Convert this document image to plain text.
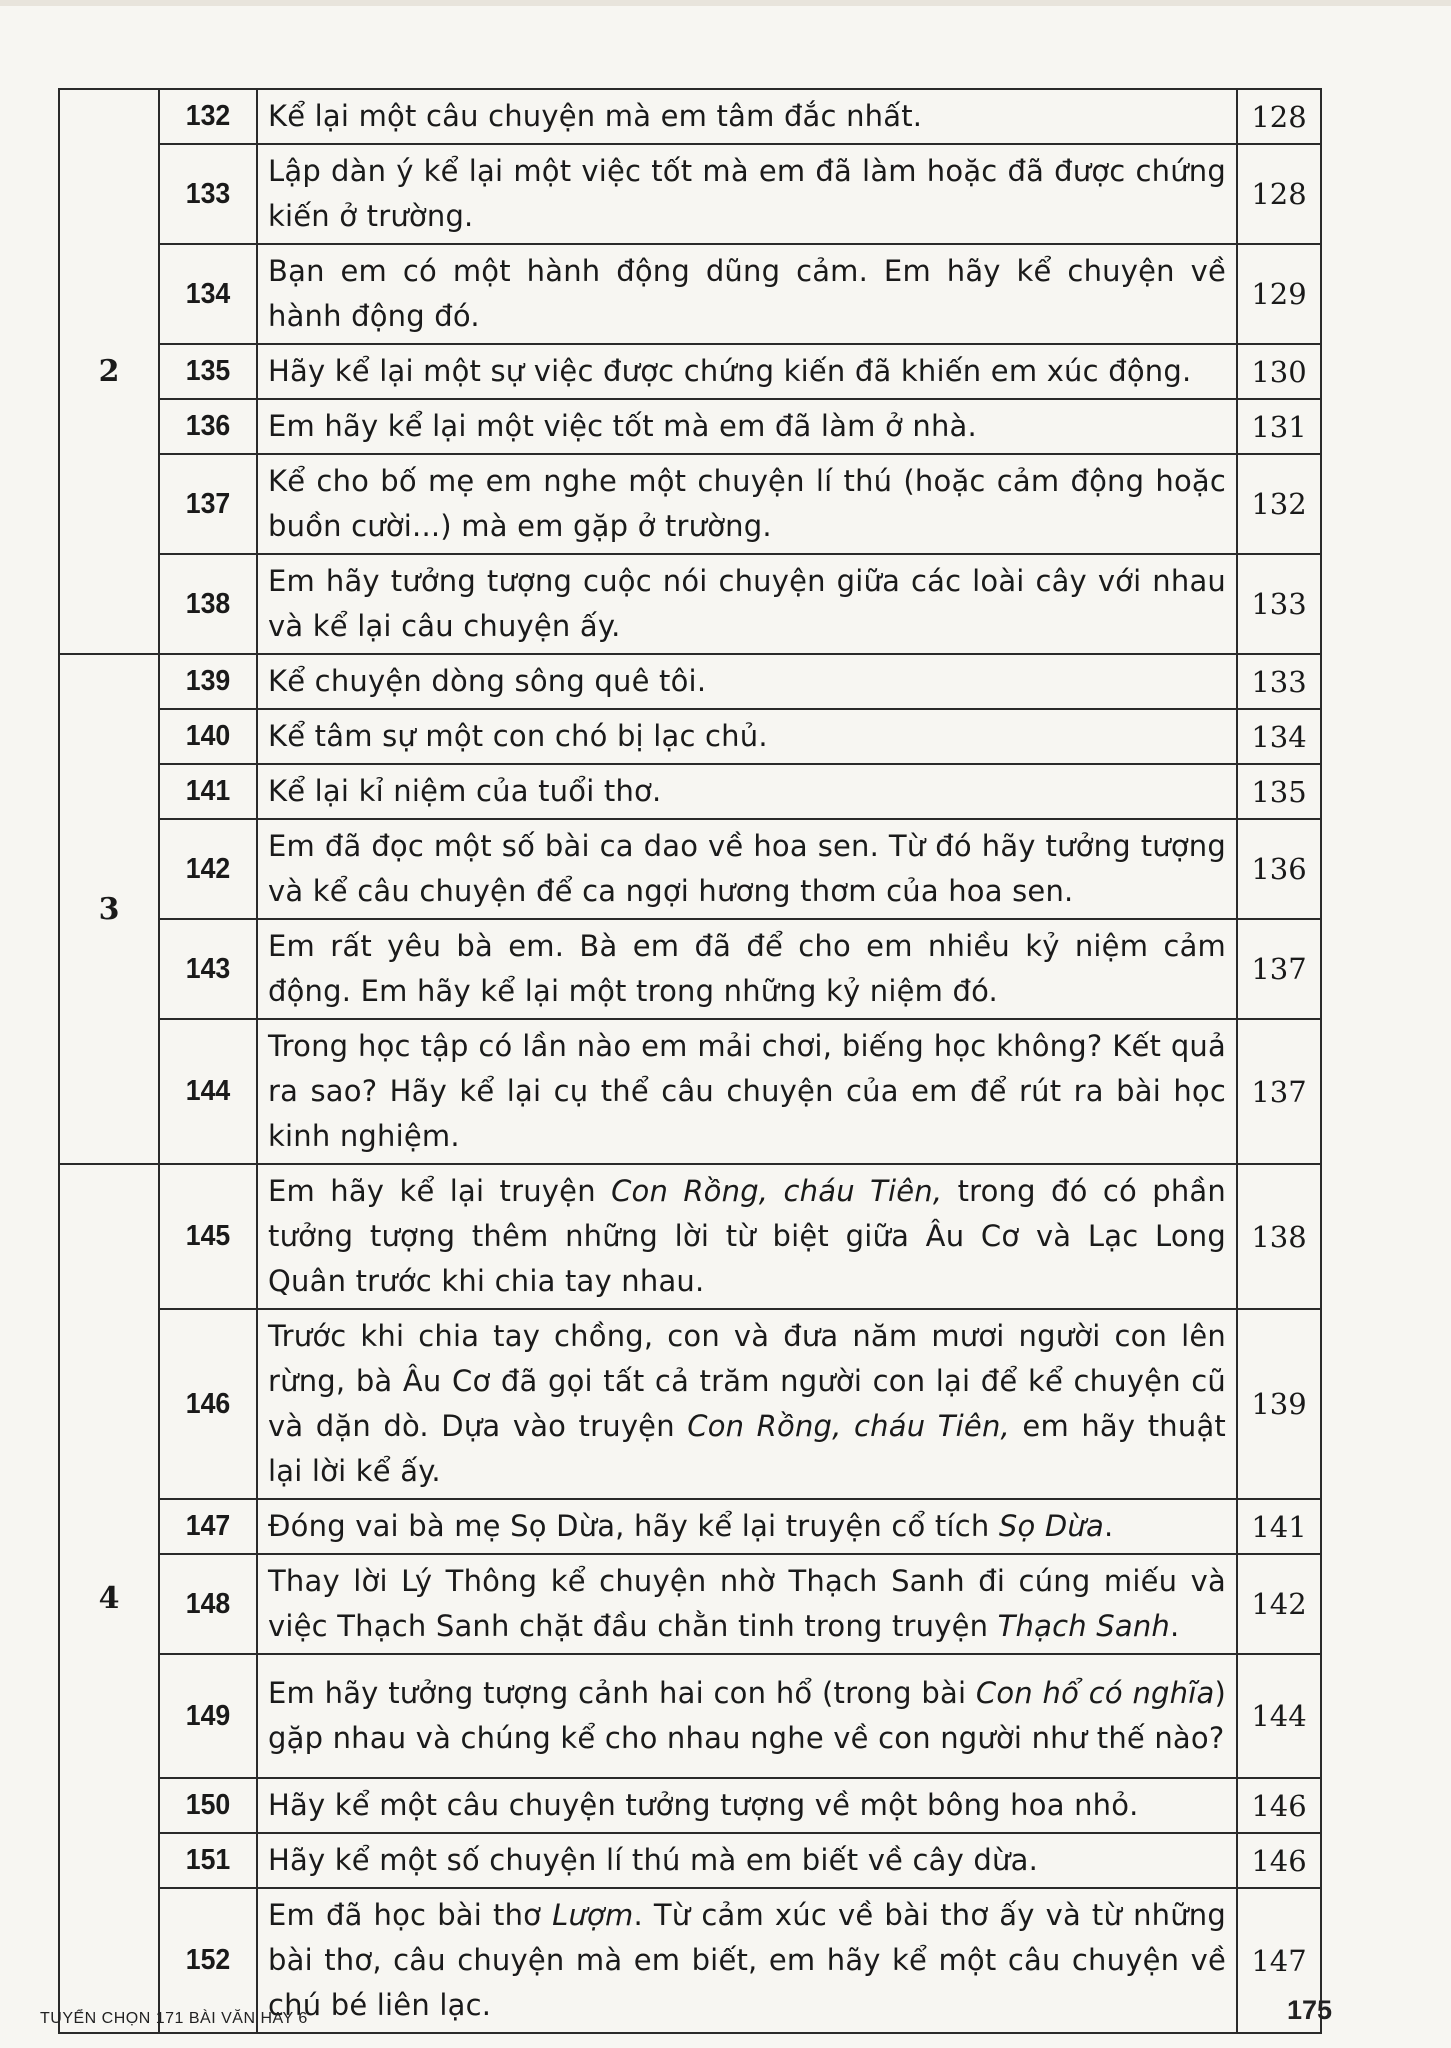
2	132	Kể lại một câu chuyện mà em tâm đắc nhất.	128
	133	Lập dàn ý kể lại một việc tốt mà em đã làm hoặc đã được chứng kiến ở trường.	128
	134	Bạn em có một hành động dũng cảm. Em hãy kể chuyện về hành động đó.	129
	135	Hãy kể lại một sự việc được chứng kiến đã khiến em xúc động.	130
	136	Em hãy kể lại một việc tốt mà em đã làm ở nhà.	131
	137	Kể cho bố mẹ em nghe một chuyện lí thú (hoặc cảm động hoặc buồn cười...) mà em gặp ở trường.	132
	138	Em hãy tưởng tượng cuộc nói chuyện giữa các loài cây với nhau và kể lại câu chuyện ấy.	133
3	139	Kể chuyện dòng sông quê tôi.	133
	140	Kể tâm sự một con chó bị lạc chủ.	134
	141	Kể lại kỉ niệm của tuổi thơ.	135
	142	Em đã đọc một số bài ca dao về hoa sen. Từ đó hãy tưởng tượng và kể câu chuyện để ca ngợi hương thơm của hoa sen.	136
	143	Em rất yêu bà em. Bà em đã để cho em nhiều kỷ niệm cảm động. Em hãy kể lại một trong những kỷ niệm đó.	137
	144	Trong học tập có lần nào em mải chơi, biếng học không? Kết quả ra sao? Hãy kể lại cụ thể câu chuyện của em để rút ra bài học kinh nghiệm.	137
4	145	Em hãy kể lại truyện Con Rồng, cháu Tiên, trong đó có phần tưởng tượng thêm những lời từ biệt giữa Âu Cơ và Lạc Long Quân trước khi chia tay nhau.	138
	146	Trước khi chia tay chồng, con và đưa năm mươi người con lên rừng, bà Âu Cơ đã gọi tất cả trăm người con lại để kể chuyện cũ và dặn dò. Dựa vào truyện Con Rồng, cháu Tiên, em hãy thuật lại lời kể ấy.	139
	147	Đóng vai bà mẹ Sọ Dừa, hãy kể lại truyện cổ tích Sọ Dừa.	141
	148	Thay lời Lý Thông kể chuyện nhờ Thạch Sanh đi cúng miếu và việc Thạch Sanh chặt đầu chằn tinh trong truyện Thạch Sanh.	142
	149	Em hãy tưởng tượng cảnh hai con hổ (trong bài Con hổ có nghĩa) gặp nhau và chúng kể cho nhau nghe về con người như thế nào?	144
	150	Hãy kể một câu chuyện tưởng tượng về một bông hoa nhỏ.	146
	151	Hãy kể một số chuyện lí thú mà em biết về cây dừa.	146
	152	Em đã học bài thơ Lượm. Từ cảm xúc về bài thơ ấy và từ những bài thơ, câu chuyện mà em biết, em hãy kể một câu chuyện về chú bé liên lạc.	147
TUYỂN CHỌN 171 BÀI VĂN HAY 6	175
